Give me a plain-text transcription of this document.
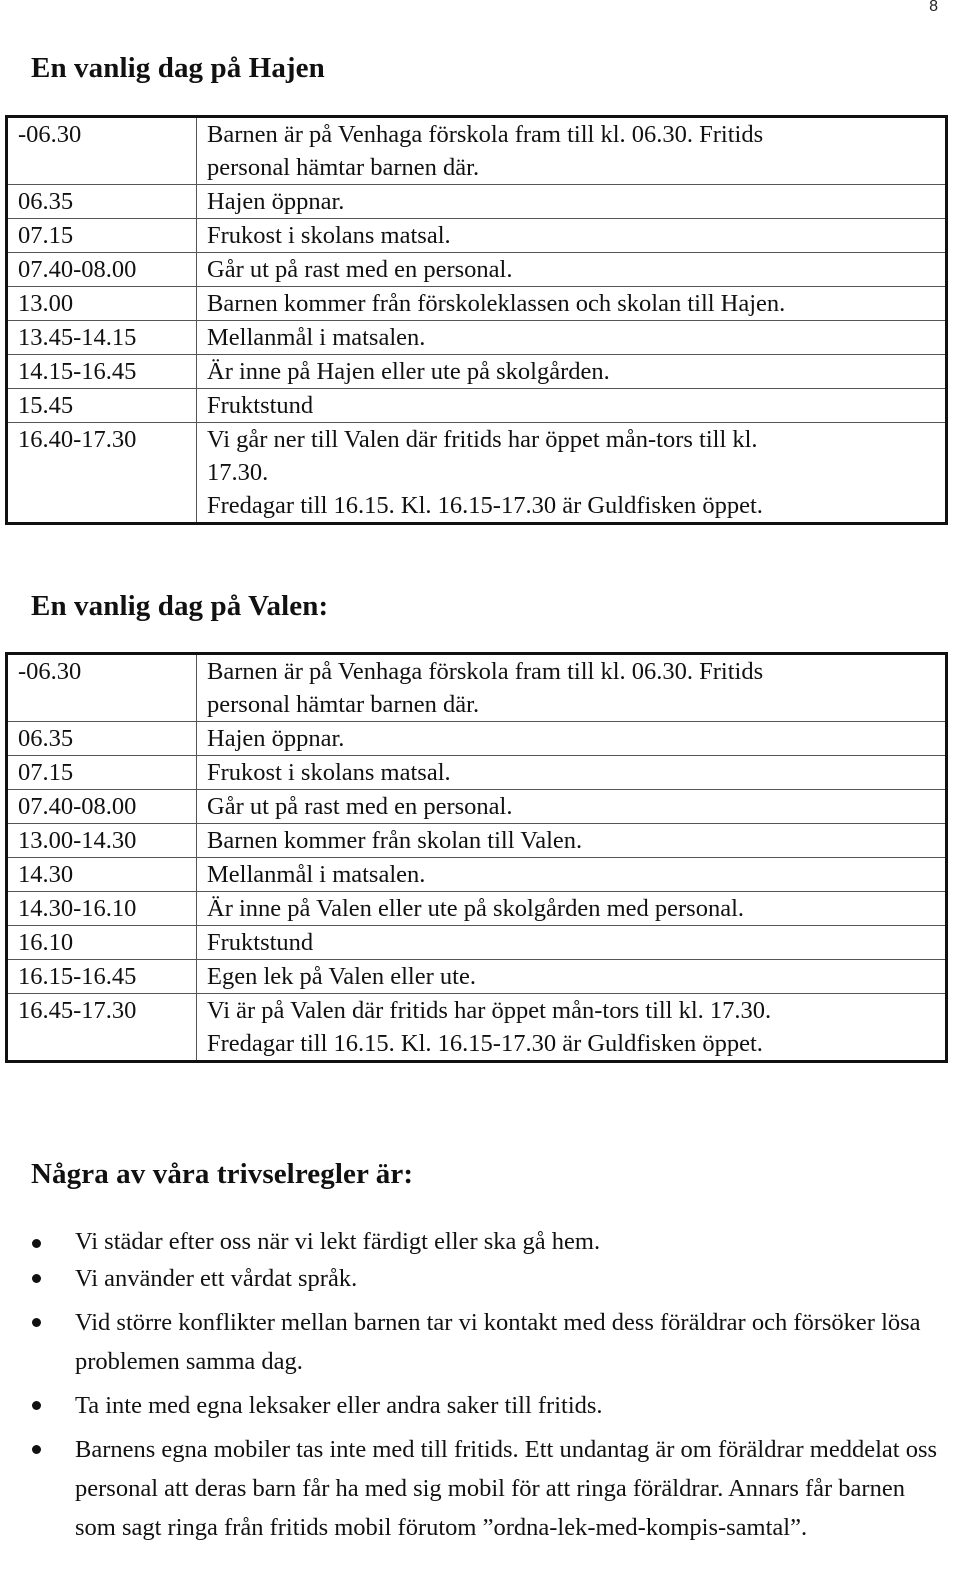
8
En vanlig dag på Hajen
-06.30	Barnen är på Venhaga förskola fram till kl. 06.30. Fritids
personal hämtar barnen där.

06.35	Hajen öppnar.

07.15	Frukost i skolans matsal.

07.40-08.00	Går ut på rast med en personal.

13.00	Barnen kommer från förskoleklassen och skolan till Hajen.

13.45-14.15	Mellanmål i matsalen.

14.15-16.45	Är inne på Hajen eller ute på skolgården.

15.45	Fruktstund

16.40-17.30	Vi går ner till Valen där fritids har öppet mån-tors till kl.
17.30.
Fredagar till 16.15. Kl. 16.15-17.30 är Guldfisken öppet.
En vanlig dag på Valen:
-06.30	Barnen är på Venhaga förskola fram till kl. 06.30. Fritids
personal hämtar barnen där.

06.35	Hajen öppnar.

07.15	Frukost i skolans matsal.

07.40-08.00	Går ut på rast med en personal.

13.00-14.30	Barnen kommer från skolan till Valen.

14.30	Mellanmål i matsalen.

14.30-16.10	Är inne på Valen eller ute på skolgården med personal.

16.10	Fruktstund

16.15-16.45	Egen lek på Valen eller ute.

16.45-17.30	Vi är på Valen där fritids har öppet mån-tors till kl. 17.30.
Fredagar till 16.15. Kl. 16.15-17.30 är Guldfisken öppet.
Några av våra trivselregler är:
Vi städar efter oss när vi lekt färdigt eller ska gå hem.
Vi använder ett vårdat språk.
Vid större konflikter mellan barnen tar vi kontakt med dess föräldrar och försöker lösa problemen samma dag.
Ta inte med egna leksaker eller andra saker till fritids.
Barnens egna mobiler tas inte med till fritids. Ett undantag är om föräldrar meddelat oss personal att deras barn får ha med sig mobil för att ringa föräldrar. Annars får barnen som sagt ringa från fritids mobil förutom ”ordna-lek-med-kompis-samtal”.
